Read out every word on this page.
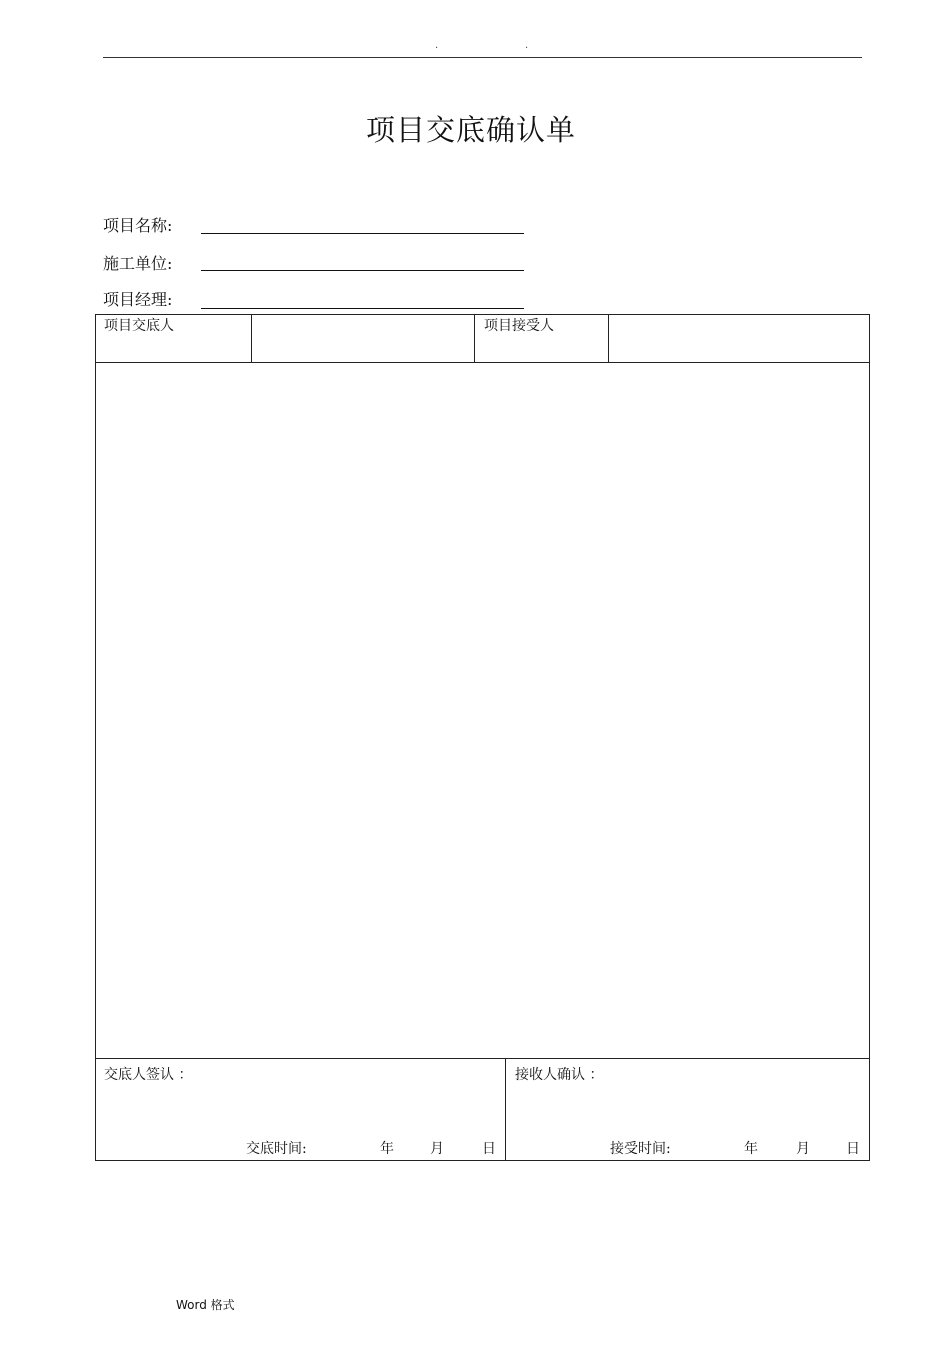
.	.
项目交底确认单
项目名称:
施工单位:
项目经理:
项目交底人	项目接受人
交底人签认 ：
交底时间:	年	月	日
接收人确认 ：
接受时间:	年	月	日
Word 格式
